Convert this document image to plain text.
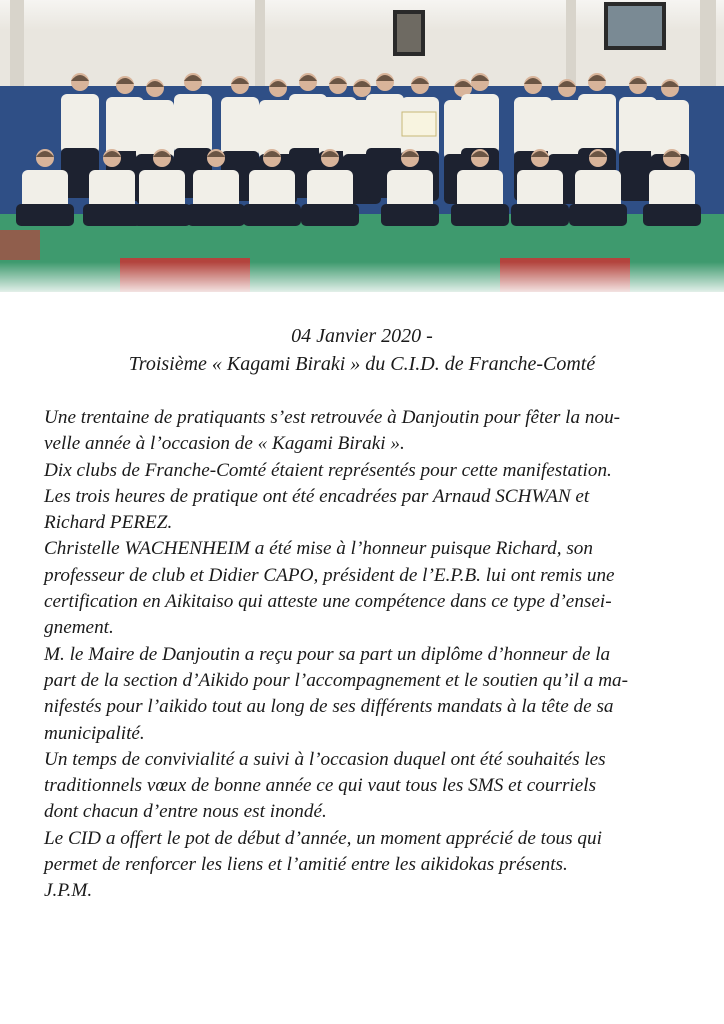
04 Janvier 2020 -
Troisième « Kagami Biraki » du C.I.D. de Franche-Comté
Une trentaine de pratiquants s’est retrouvée à Danjoutin pour fêter la nou-
velle année à l’occasion de « Kagami Biraki ».
Dix clubs de Franche-Comté étaient représentés pour cette manifestation.
Les trois heures de pratique ont été encadrées par Arnaud SCHWAN et
Richard PEREZ.
Christelle WACHENHEIM a été mise à l’honneur puisque Richard, son
professeur de club et Didier CAPO, président de l’E.P.B. lui ont remis une
certification en Aikitaiso qui atteste une compétence dans ce type d’ensei-
gnement.
M. le Maire de Danjoutin a reçu pour sa part un diplôme d’honneur de la
part de la section d’Aikido pour l’accompagnement et le soutien qu’il a ma-
nifestés pour l’aikido tout au long de ses différents mandats à la tête de sa
municipalité.
Un temps de convivialité a suivi à l’occasion duquel ont été souhaités les
traditionnels vœux de bonne année ce qui vaut tous les SMS et courriels
dont chacun d’entre nous est inondé.
Le CID a offert le pot de début d’année, un moment apprécié de tous qui
permet de renforcer les liens et l’amitié entre les aikidokas présents.
J.P.M.
